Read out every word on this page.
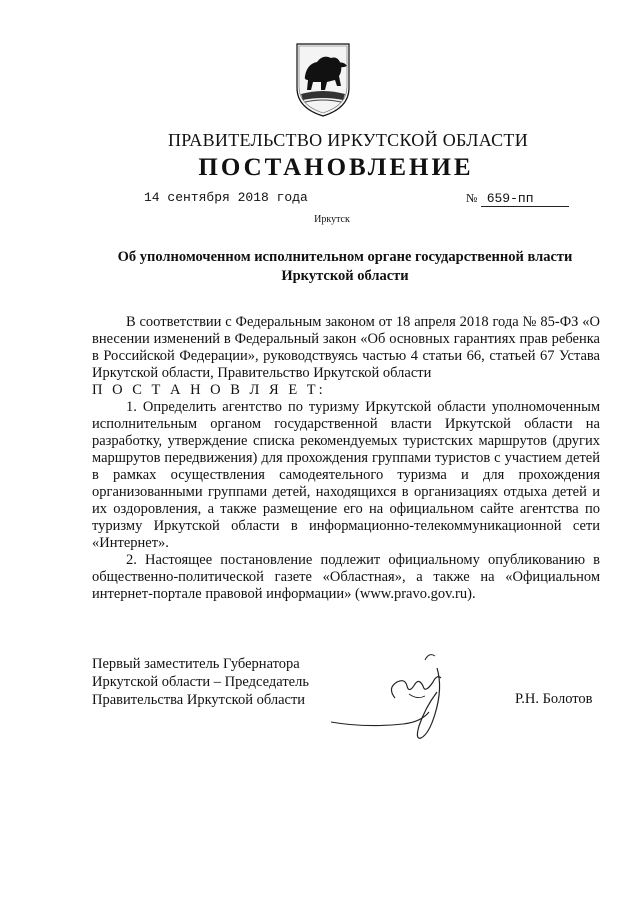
ПРАВИТЕЛЬСТВО ИРКУТСКОЙ ОБЛАСТИ
ПОСТАНОВЛЕНИЕ
14 сентября 2018 года	№ 659-пп
Иркутск
Об уполномоченном исполнительном органе государственной власти Иркутской области

В соответствии с Федеральным законом от 18 апреля 2018 года № 85-ФЗ «О внесении изменений в Федеральный закон «Об основных гарантиях прав ребенка в Российской Федерации», руководствуясь частью 4 статьи 66, статьей 67 Устава Иркутской области, Правительство Иркутской области

П О С Т А Н О В Л Я Е Т:

1. Определить агентство по туризму Иркутской области уполномоченным исполнительным органом государственной власти Иркутской области на разработку, утверждение списка рекомендуемых туристских маршрутов (других маршрутов передвижения) для прохождения группами туристов с участием детей в рамках осуществления самодеятельного туризма и для прохождения организованными группами детей, находящихся в организациях отдыха детей и их оздоровления, а также размещение его на официальном сайте агентства по туризму Иркутской области в информационно-телекоммуникационной сети «Интернет».

2. Настоящее постановление подлежит официальному опубликованию в общественно-политической газете «Областная», а также на «Официальном интернет-портале правовой информации» (www.pravo.gov.ru).

Первый заместитель Губернатора
Иркутской области – Председатель
Правительства Иркутской области	Р.Н. Болотов
